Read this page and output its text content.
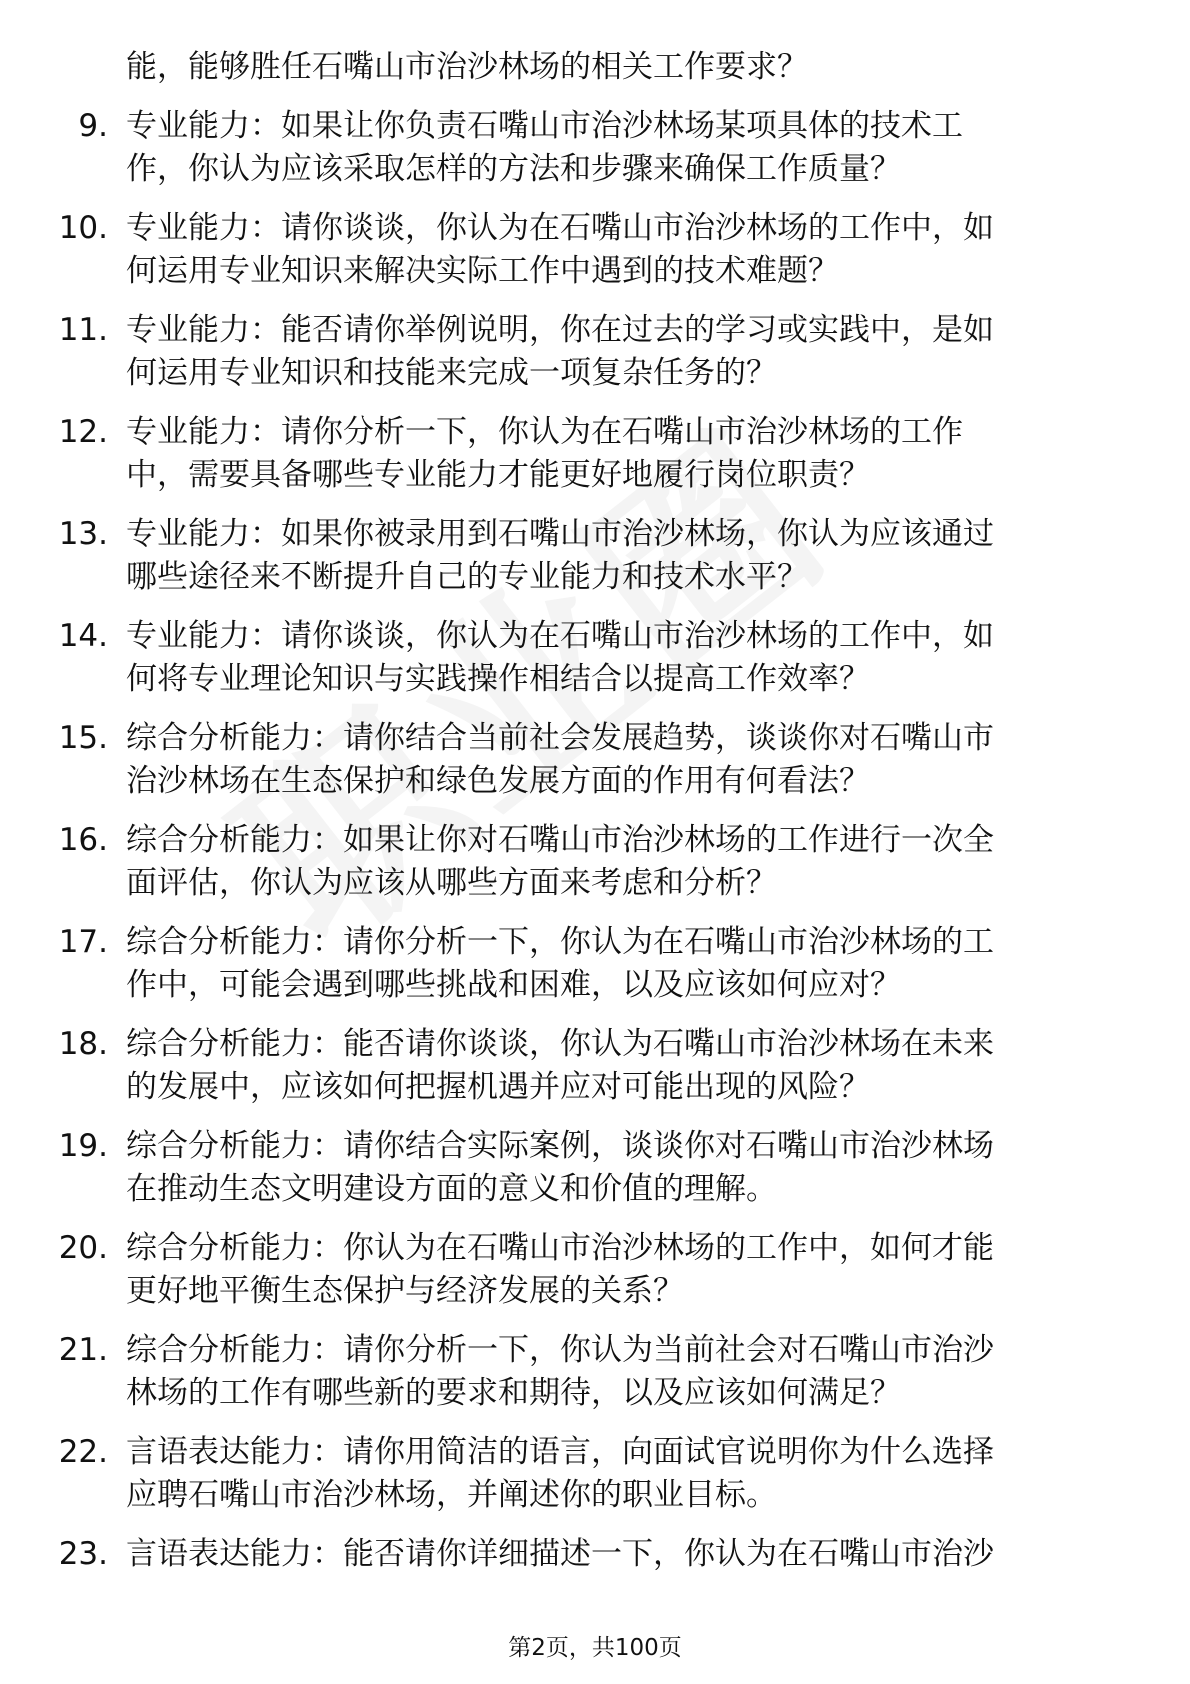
能，能够胜任石嘴山市治沙林场的相关工作要求？
9. 专业能力：如果让你负责石嘴山市治沙林场某项具体的技术工
作，你认为应该采取怎样的方法和步骤来确保工作质量？
10. 专业能力：请你谈谈，你认为在石嘴山市治沙林场的工作中，如
何运用专业知识来解决实际工作中遇到的技术难题？
11. 专业能力：能否请你举例说明，你在过去的学习或实践中，是如
何运用专业知识和技能来完成一项复杂任务的？
12. 专业能力：请你分析一下，你认为在石嘴山市治沙林场的工作
中，需要具备哪些专业能力才能更好地履行岗位职责？
13. 专业能力：如果你被录用到石嘴山市治沙林场，你认为应该通过
哪些途径来不断提升自己的专业能力和技术水平？
14. 专业能力：请你谈谈，你认为在石嘴山市治沙林场的工作中，如
何将专业理论知识与实践操作相结合以提高工作效率？
15. 综合分析能力：请你结合当前社会发展趋势，谈谈你对石嘴山市
治沙林场在生态保护和绿色发展方面的作用有何看法？
16. 综合分析能力：如果让你对石嘴山市治沙林场的工作进行一次全
面评估，你认为应该从哪些方面来考虑和分析？
17. 综合分析能力：请你分析一下，你认为在石嘴山市治沙林场的工
作中，可能会遇到哪些挑战和困难，以及应该如何应对？
18. 综合分析能力：能否请你谈谈，你认为石嘴山市治沙林场在未来
的发展中，应该如何把握机遇并应对可能出现的风险？
19. 综合分析能力：请你结合实际案例，谈谈你对石嘴山市治沙林场
在推动生态文明建设方面的意义和价值的理解。
20. 综合分析能力：你认为在石嘴山市治沙林场的工作中，如何才能
更好地平衡生态保护与经济发展的关系？
21. 综合分析能力：请你分析一下，你认为当前社会对石嘴山市治沙
林场的工作有哪些新的要求和期待，以及应该如何满足？
22. 言语表达能力：请你用简洁的语言，向面试官说明你为什么选择
应聘石嘴山市治沙林场，并阐述你的职业目标。
23. 言语表达能力：能否请你详细描述一下，你认为在石嘴山市治沙
第2页，共100页
